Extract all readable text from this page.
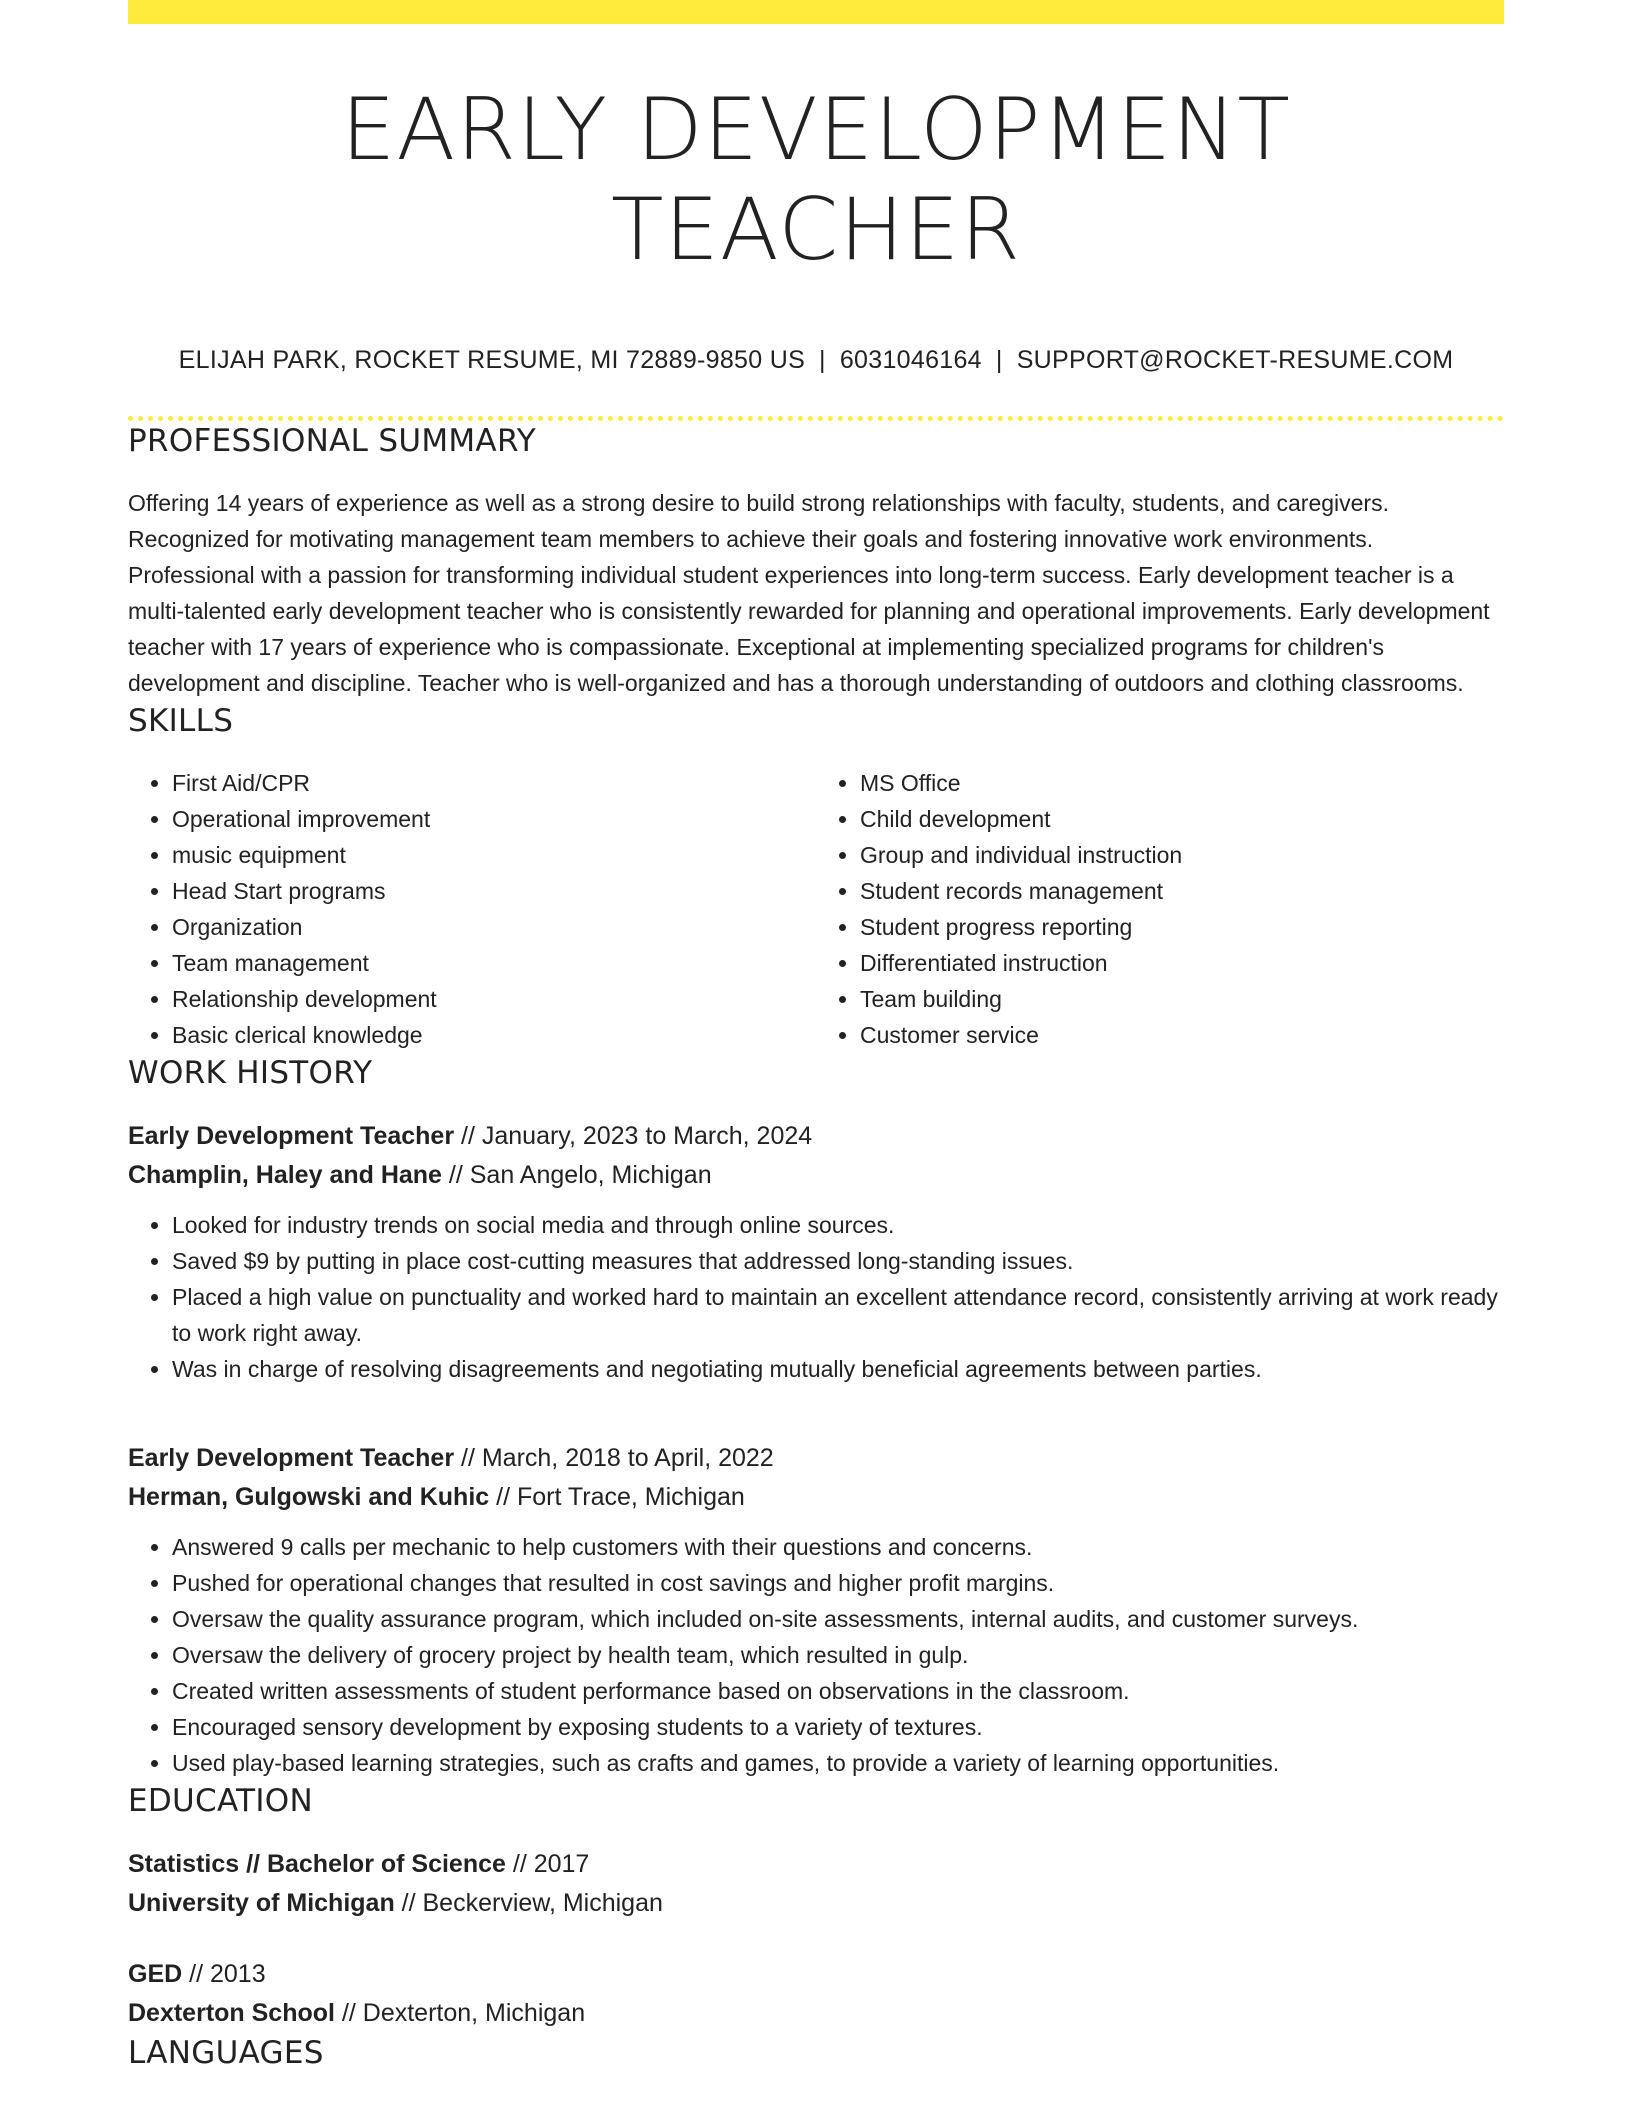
EARLY DEVELOPMENT TEACHER
ELIJAH PARK, ROCKET RESUME, MI 72889-9850 US | 6031046164 | SUPPORT@ROCKET-RESUME.COM
PROFESSIONAL SUMMARY
Offering 14 years of experience as well as a strong desire to build strong relationships with faculty, students, and caregivers. Recognized for motivating management team members to achieve their goals and fostering innovative work environments. Professional with a passion for transforming individual student experiences into long-term success. Early development teacher is a multi-talented early development teacher who is consistently rewarded for planning and operational improvements. Early development teacher with 17 years of experience who is compassionate. Exceptional at implementing specialized programs for children's development and discipline. Teacher who is well-organized and has a thorough understanding of outdoors and clothing classrooms.
SKILLS
• First Aid/CPR
• Operational improvement
• music equipment
• Head Start programs
• Organization
• Team management
• Relationship development
• Basic clerical knowledge
• MS Office
• Child development
• Group and individual instruction
• Student records management
• Student progress reporting
• Differentiated instruction
• Team building
• Customer service
WORK HISTORY
Early Development Teacher // January, 2023 to March, 2024
Champlin, Haley and Hane // San Angelo, Michigan
• Looked for industry trends on social media and through online sources.
• Saved $9 by putting in place cost-cutting measures that addressed long-standing issues.
• Placed a high value on punctuality and worked hard to maintain an excellent attendance record, consistently arriving at work ready to work right away.
• Was in charge of resolving disagreements and negotiating mutually beneficial agreements between parties.
Early Development Teacher // March, 2018 to April, 2022
Herman, Gulgowski and Kuhic // Fort Trace, Michigan
• Answered 9 calls per mechanic to help customers with their questions and concerns.
• Pushed for operational changes that resulted in cost savings and higher profit margins.
• Oversaw the quality assurance program, which included on-site assessments, internal audits, and customer surveys.
• Oversaw the delivery of grocery project by health team, which resulted in gulp.
• Created written assessments of student performance based on observations in the classroom.
• Encouraged sensory development by exposing students to a variety of textures.
• Used play-based learning strategies, such as crafts and games, to provide a variety of learning opportunities.
EDUCATION
Statistics // Bachelor of Science // 2017
University of Michigan // Beckerview, Michigan
GED // 2013
Dexterton School // Dexterton, Michigan
LANGUAGES
